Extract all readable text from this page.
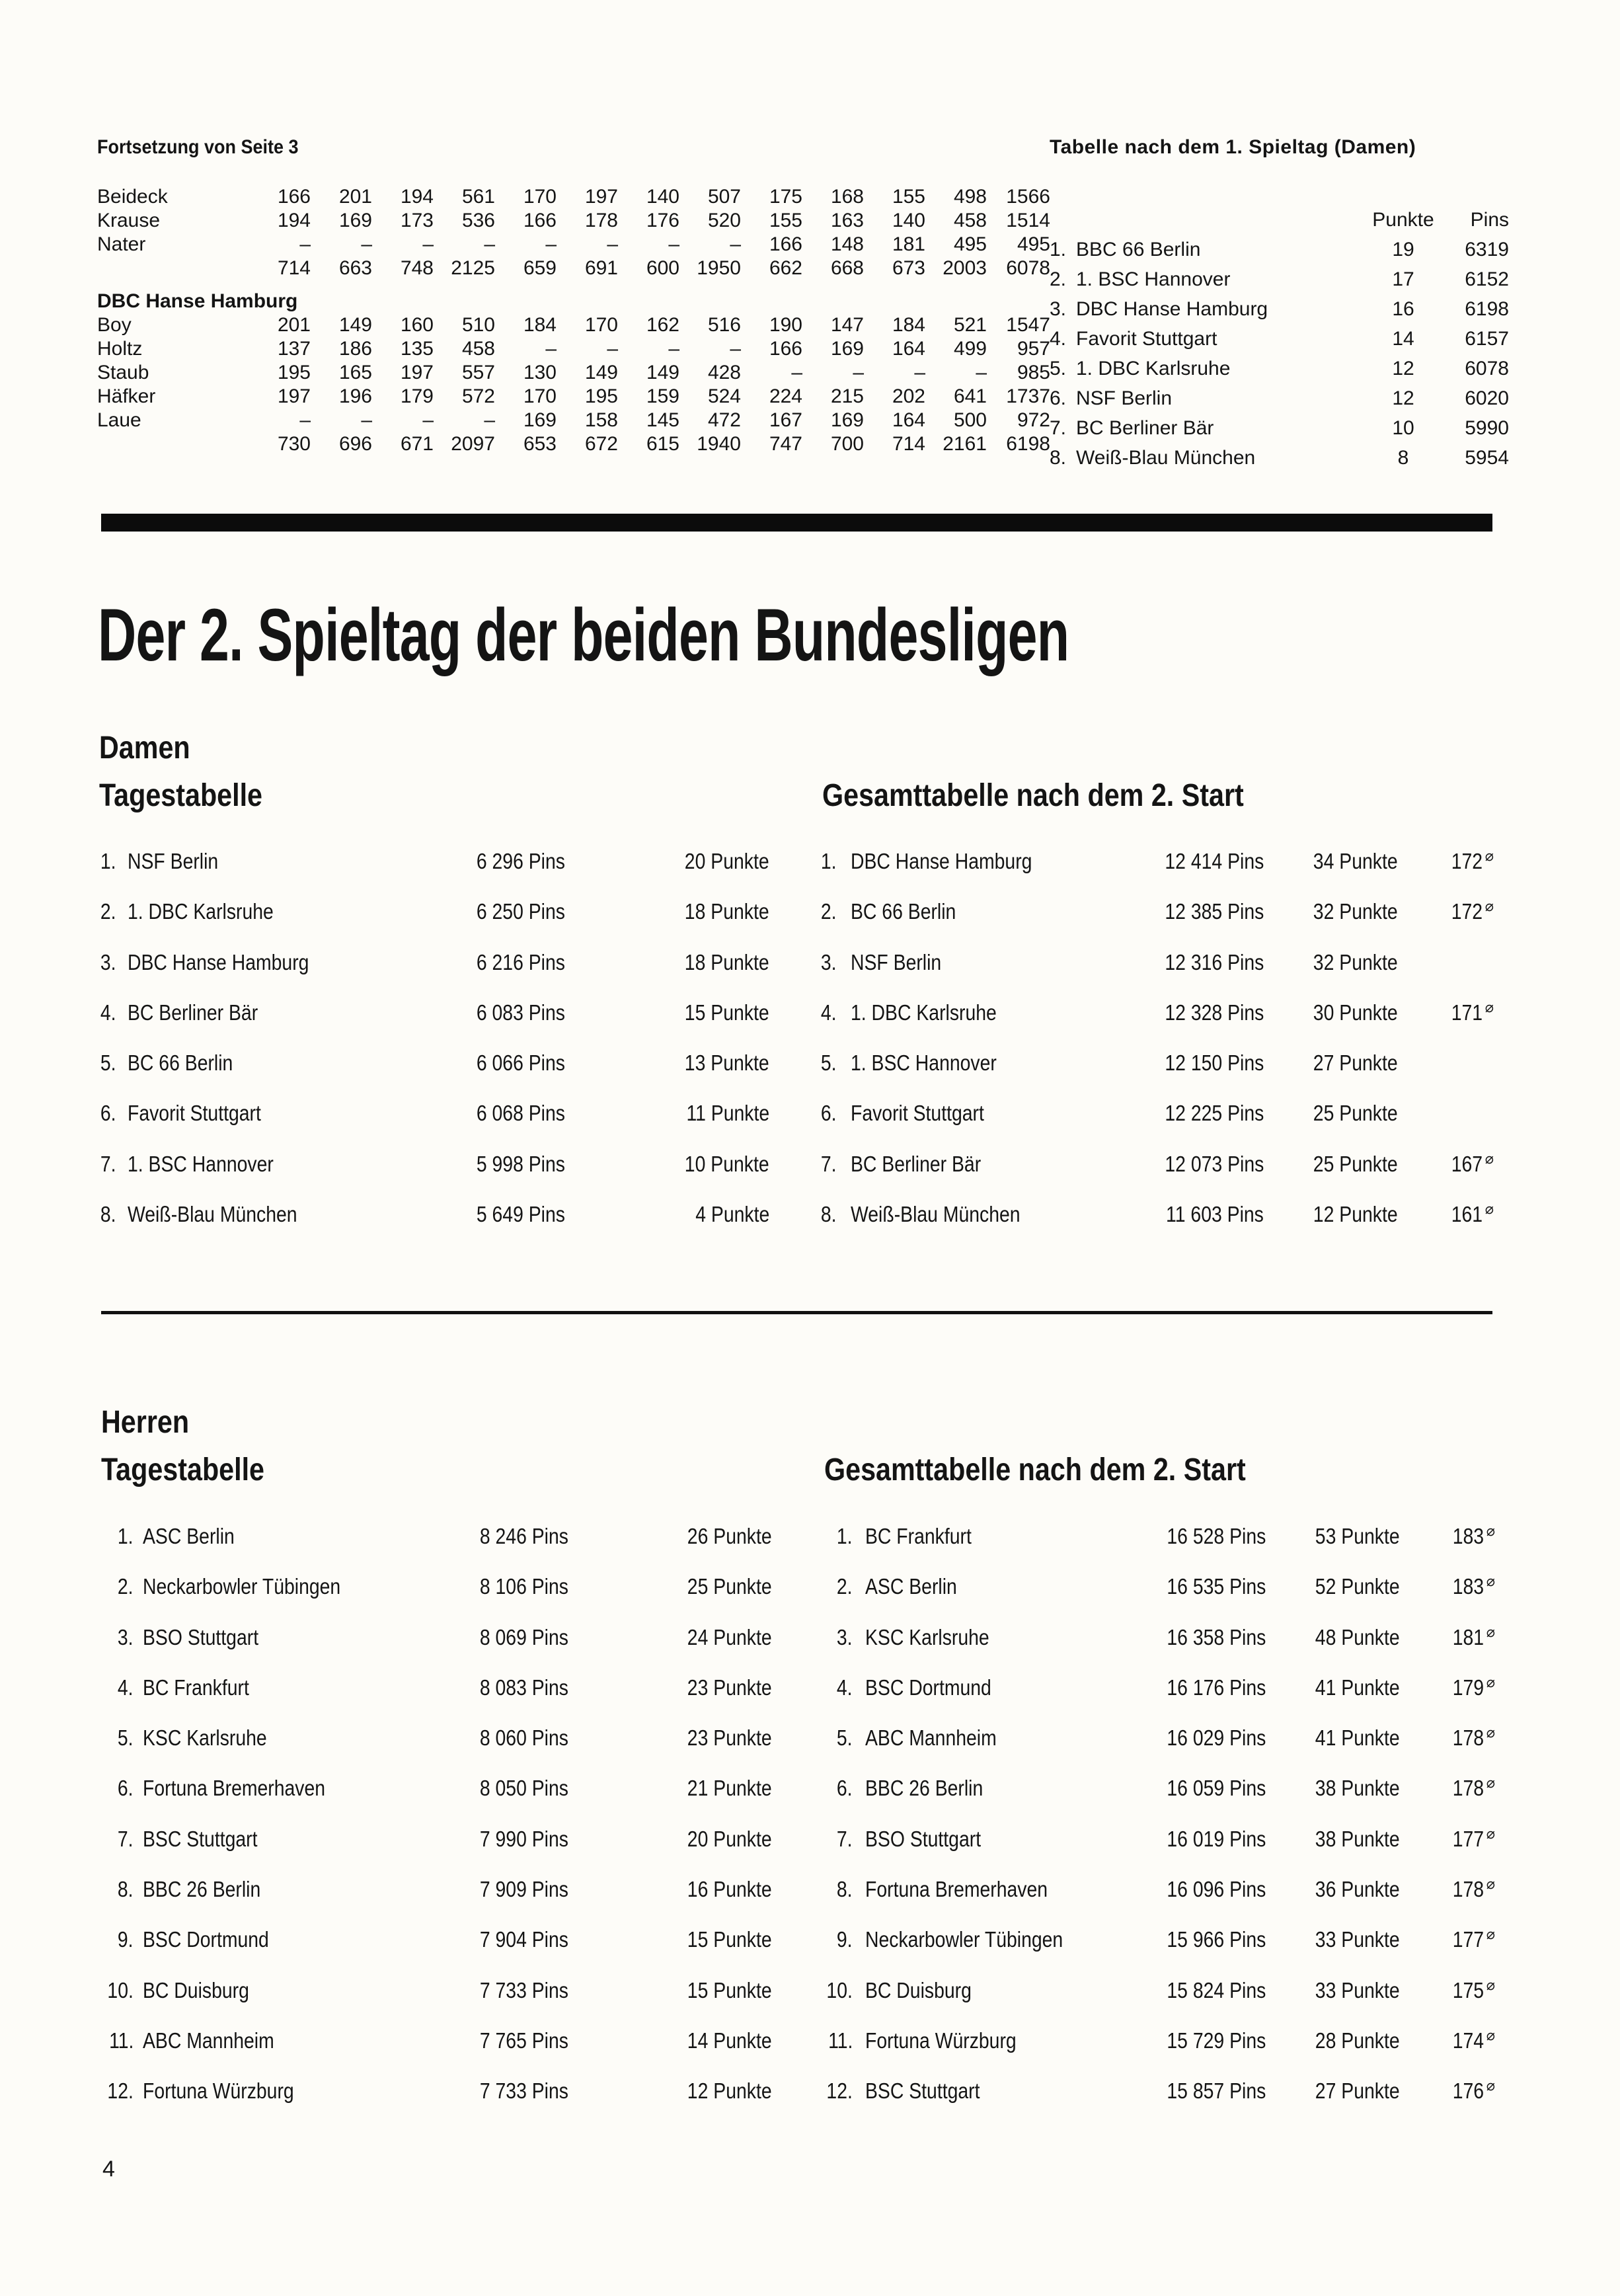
Fortsetzung von Seite 3
Beideck	166	201	194	561	170	197	140	507	175	168	155	498	1566
Krause	194	169	173	536	166	178	176	520	155	163	140	458	1514
Nater	–	–	–	–	–	–	–	–	166	148	181	495	495
	714	663	748	2125	659	691	600	1950	662	668	673	2003	6078
DBC Hanse Hamburg													
Boy	201	149	160	510	184	170	162	516	190	147	184	521	1547
Holtz	137	186	135	458	–	–	–	–	166	169	164	499	957
Staub	195	165	197	557	130	149	149	428	–	–	–	–	985
Häfker	197	196	179	572	170	195	159	524	224	215	202	641	1737
Laue	–	–	–	–	169	158	145	472	167	169	164	500	972
	730	696	671	2097	653	672	615	1940	747	700	714	2161	6198
Tabelle nach dem 1. Spieltag (Damen)
		Punkte	Pins
1.	BBC 66 Berlin	19	6319
2.	1. BSC Hannover	17	6152
3.	DBC Hanse Hamburg	16	6198
4.	Favorit Stuttgart	14	6157
5.	1. DBC Karlsruhe	12	6078
6.	NSF Berlin	12	6020
7.	BC Berliner Bär	10	5990
8.	Weiß-Blau München	8	5954
Der 2. Spieltag der beiden Bundesligen
Damen
Tagestabelle	Gesamttabelle nach dem 2. Start
1. NSF Berlin	6 296 Pins	20 Punkte
2. 1. DBC Karlsruhe	6 250 Pins	18 Punkte
3. DBC Hanse Hamburg	6 216 Pins	18 Punkte
4. BC Berliner Bär	6 083 Pins	15 Punkte
5. BC 66 Berlin	6 066 Pins	13 Punkte
6. Favorit Stuttgart	6 068 Pins	11 Punkte
7. 1. BSC Hannover	5 998 Pins	10 Punkte
8. Weiß-Blau München	5 649 Pins	4 Punkte
1. DBC Hanse Hamburg	12 414 Pins	34 Punkte	172 ⌀
2. BC 66 Berlin	12 385 Pins	32 Punkte	172 ⌀
3. NSF Berlin	12 316 Pins	32 Punkte
4. 1. DBC Karlsruhe	12 328 Pins	30 Punkte	171 ⌀
5. 1. BSC Hannover	12 150 Pins	27 Punkte
6. Favorit Stuttgart	12 225 Pins	25 Punkte
7. BC Berliner Bär	12 073 Pins	25 Punkte	167 ⌀
8. Weiß-Blau München	11 603 Pins	12 Punkte	161 ⌀
Herren
Tagestabelle	Gesamttabelle nach dem 2. Start
1. ASC Berlin	8 246 Pins	26 Punkte
2. Neckarbowler Tübingen	8 106 Pins	25 Punkte
3. BSO Stuttgart	8 069 Pins	24 Punkte
4. BC Frankfurt	8 083 Pins	23 Punkte
5. KSC Karlsruhe	8 060 Pins	23 Punkte
6. Fortuna Bremerhaven	8 050 Pins	21 Punkte
7. BSC Stuttgart	7 990 Pins	20 Punkte
8. BBC 26 Berlin	7 909 Pins	16 Punkte
9. BSC Dortmund	7 904 Pins	15 Punkte
10. BC Duisburg	7 733 Pins	15 Punkte
11. ABC Mannheim	7 765 Pins	14 Punkte
12. Fortuna Würzburg	7 733 Pins	12 Punkte
1. BC Frankfurt	16 528 Pins	53 Punkte	183 ⌀
2. ASC Berlin	16 535 Pins	52 Punkte	183 ⌀
3. KSC Karlsruhe	16 358 Pins	48 Punkte	181 ⌀
4. BSC Dortmund	16 176 Pins	41 Punkte	179 ⌀
5. ABC Mannheim	16 029 Pins	41 Punkte	178 ⌀
6. BBC 26 Berlin	16 059 Pins	38 Punkte	178 ⌀
7. BSO Stuttgart	16 019 Pins	38 Punkte	177 ⌀
8. Fortuna Bremerhaven	16 096 Pins	36 Punkte	178 ⌀
9. Neckarbowler Tübingen	15 966 Pins	33 Punkte	177 ⌀
10. BC Duisburg	15 824 Pins	33 Punkte	175 ⌀
11. Fortuna Würzburg	15 729 Pins	28 Punkte	174 ⌀
12. BSC Stuttgart	15 857 Pins	27 Punkte	176 ⌀
4
